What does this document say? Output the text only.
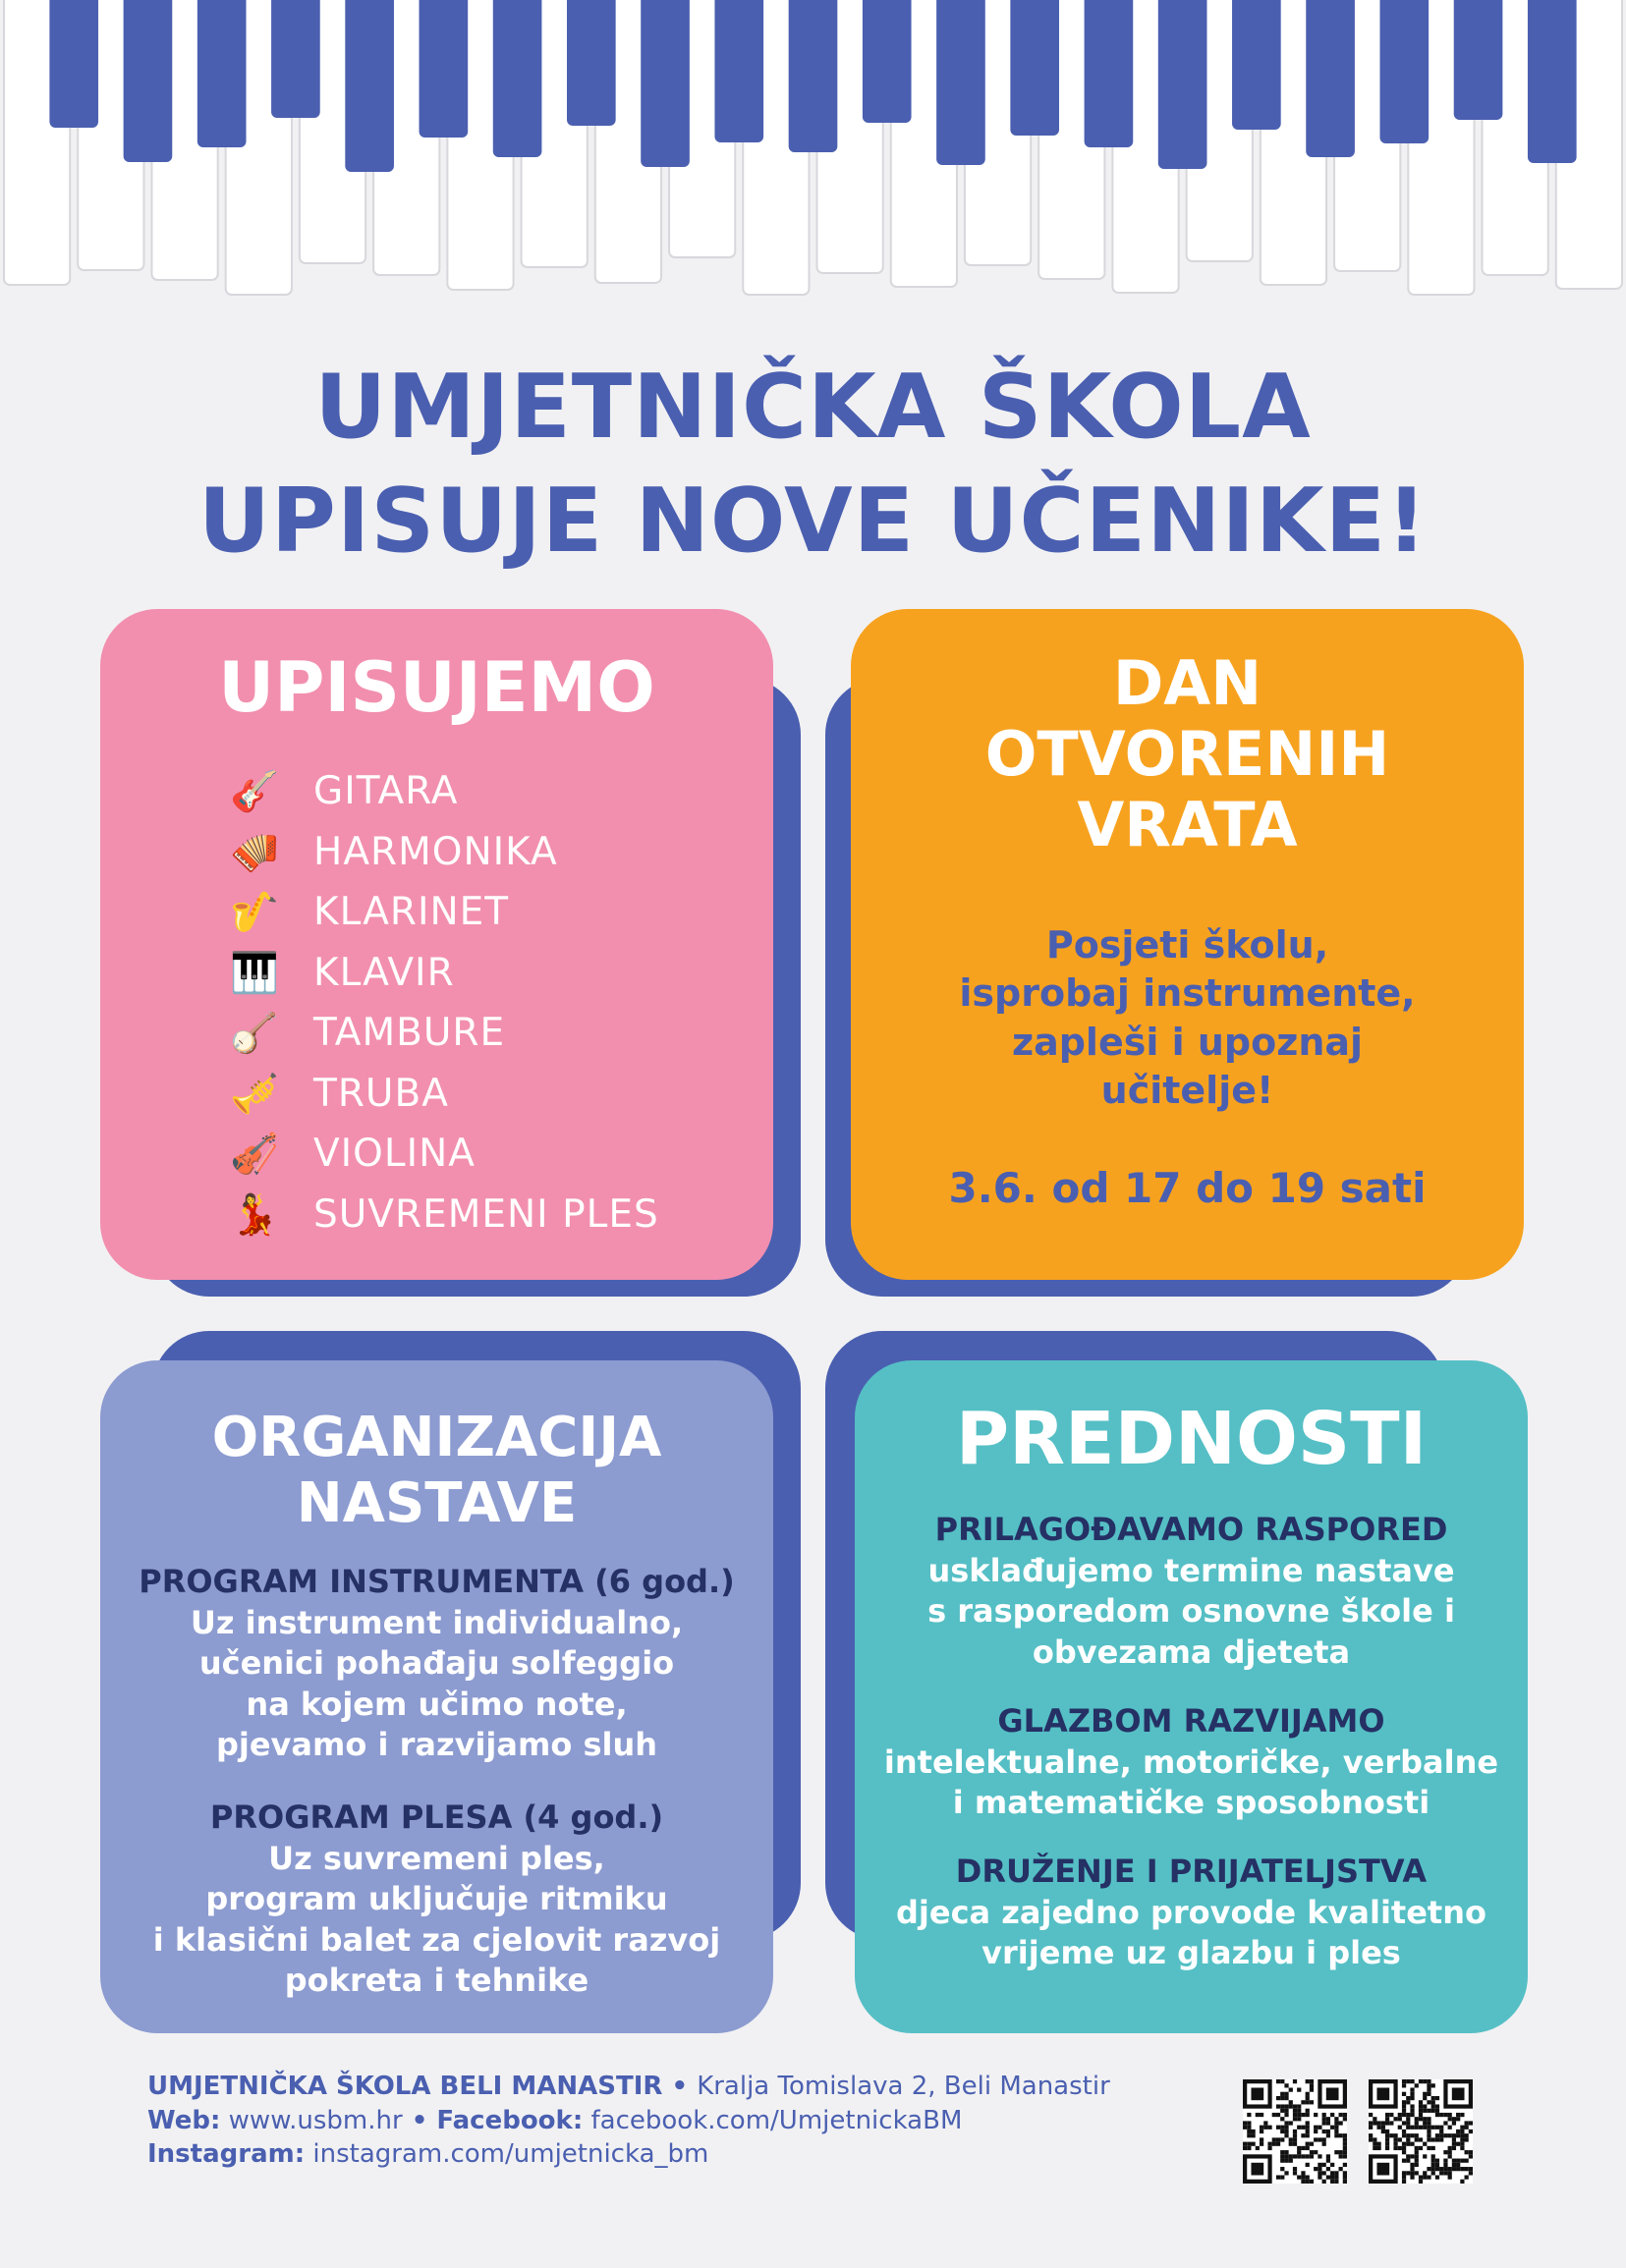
UMJETNIČKA ŠKOLA
UPISUJE NOVE UČENIKE!
UPISUJEMO
🎸 GITARA
🪗 HARMONIKA
🎷 KLARINET
🎹 KLAVIR
🪕 TAMBURE
🎺 TRUBA
🎻 VIOLINA
💃 SUVREMENI PLES
DAN
OTVORENIH
VRATA
Posjeti školu,
isprobaj instrumente,
zapleši i upoznaj
učitelje!
3.6. od 17 do 19 sati
ORGANIZACIJA
NASTAVE
PROGRAM INSTRUMENTA (6 god.)
Uz instrument individualno,
učenici pohađaju solfeggio
na kojem učimo note,
pjevamo i razvijamo sluh
PROGRAM PLESA (4 god.)
Uz suvremeni ples,
program uključuje ritmiku
i klasični balet za cjelovit razvoj
pokreta i tehnike
PREDNOSTI
PRILAGOĐAVAMO RASPORED
usklađujemo termine nastave
s rasporedom osnovne škole i
obvezama djeteta
GLAZBOM RAZVIJAMO
intelektualne, motoričke, verbalne
i matematičke sposobnosti
DRUŽENJE I PRIJATELJSTVA
djeca zajedno provode kvalitetno
vrijeme uz glazbu i ples
UMJETNIČKA ŠKOLA BELI MANASTIR • Kralja Tomislava 2, Beli Manastir
Web: www.usbm.hr • Facebook: facebook.com/UmjetnickaBM
Instagram: instagram.com/umjetnicka_bm
